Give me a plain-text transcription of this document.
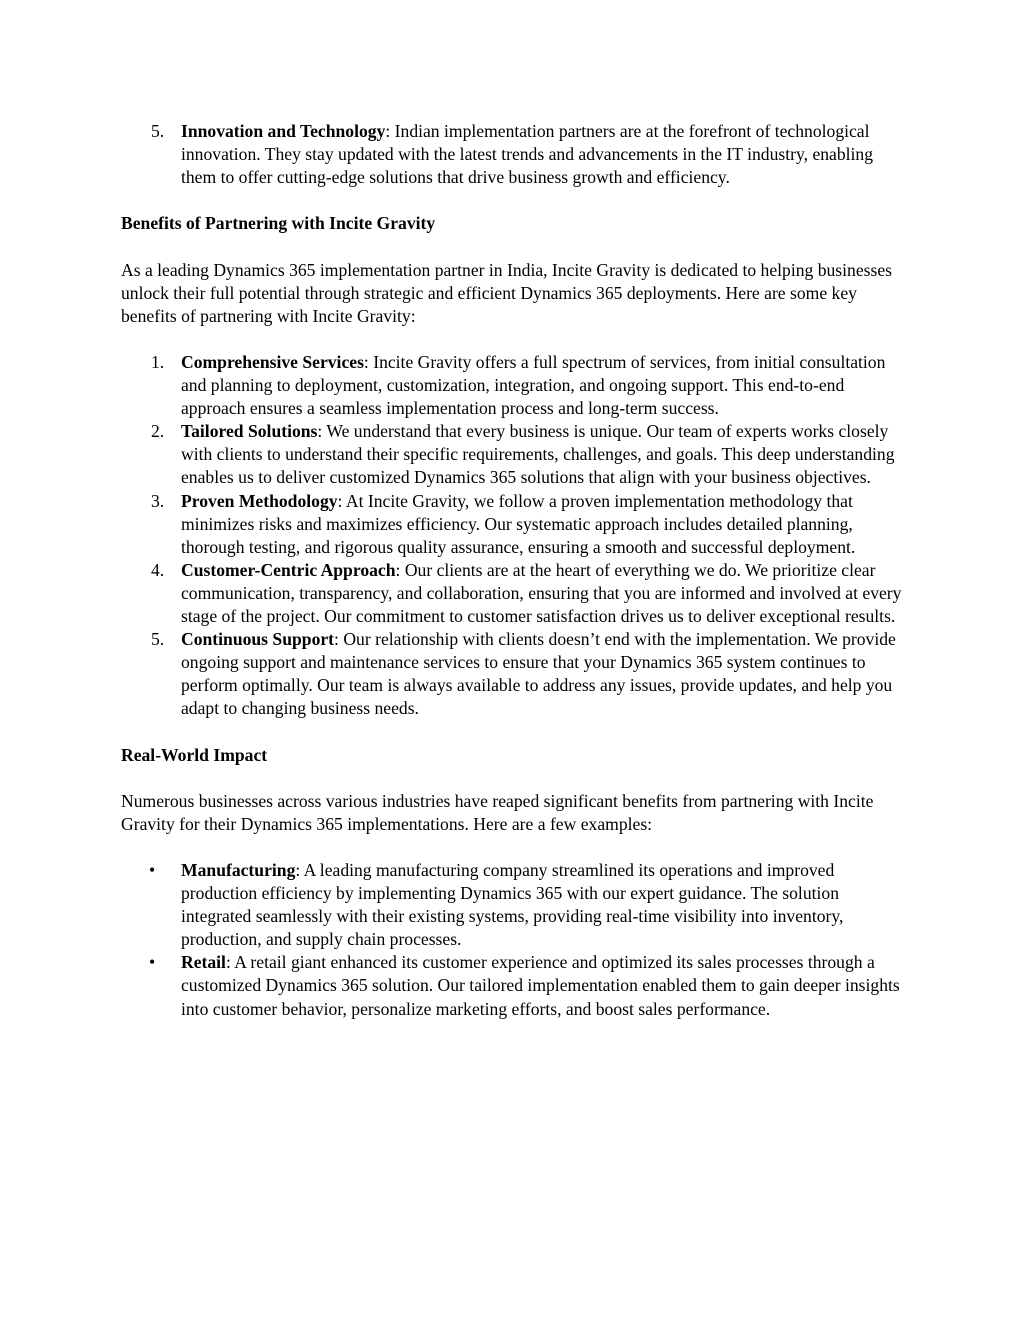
5. Innovation and Technology: Indian implementation partners are at the forefront of technological innovation. They stay updated with the latest trends and advancements in the IT industry, enabling them to offer cutting-edge solutions that drive business growth and efficiency.

Benefits of Partnering with Incite Gravity

As a leading Dynamics 365 implementation partner in India, Incite Gravity is dedicated to helping businesses unlock their full potential through strategic and efficient Dynamics 365 deployments. Here are some key benefits of partnering with Incite Gravity:

1. Comprehensive Services: Incite Gravity offers a full spectrum of services, from initial consultation and planning to deployment, customization, integration, and ongoing support. This end-to-end approach ensures a seamless implementation process and long-term success.
2. Tailored Solutions: We understand that every business is unique. Our team of experts works closely with clients to understand their specific requirements, challenges, and goals. This deep understanding enables us to deliver customized Dynamics 365 solutions that align with your business objectives.
3. Proven Methodology: At Incite Gravity, we follow a proven implementation methodology that minimizes risks and maximizes efficiency. Our systematic approach includes detailed planning, thorough testing, and rigorous quality assurance, ensuring a smooth and successful deployment.
4. Customer-Centric Approach: Our clients are at the heart of everything we do. We prioritize clear communication, transparency, and collaboration, ensuring that you are informed and involved at every stage of the project. Our commitment to customer satisfaction drives us to deliver exceptional results.
5. Continuous Support: Our relationship with clients doesn’t end with the implementation. We provide ongoing support and maintenance services to ensure that your Dynamics 365 system continues to perform optimally. Our team is always available to address any issues, provide updates, and help you adapt to changing business needs.

Real-World Impact

Numerous businesses across various industries have reaped significant benefits from partnering with Incite Gravity for their Dynamics 365 implementations. Here are a few examples:

• Manufacturing: A leading manufacturing company streamlined its operations and improved production efficiency by implementing Dynamics 365 with our expert guidance. The solution integrated seamlessly with their existing systems, providing real-time visibility into inventory, production, and supply chain processes.
• Retail: A retail giant enhanced its customer experience and optimized its sales processes through a customized Dynamics 365 solution. Our tailored implementation enabled them to gain deeper insights into customer behavior, personalize marketing efforts, and boost sales performance.
